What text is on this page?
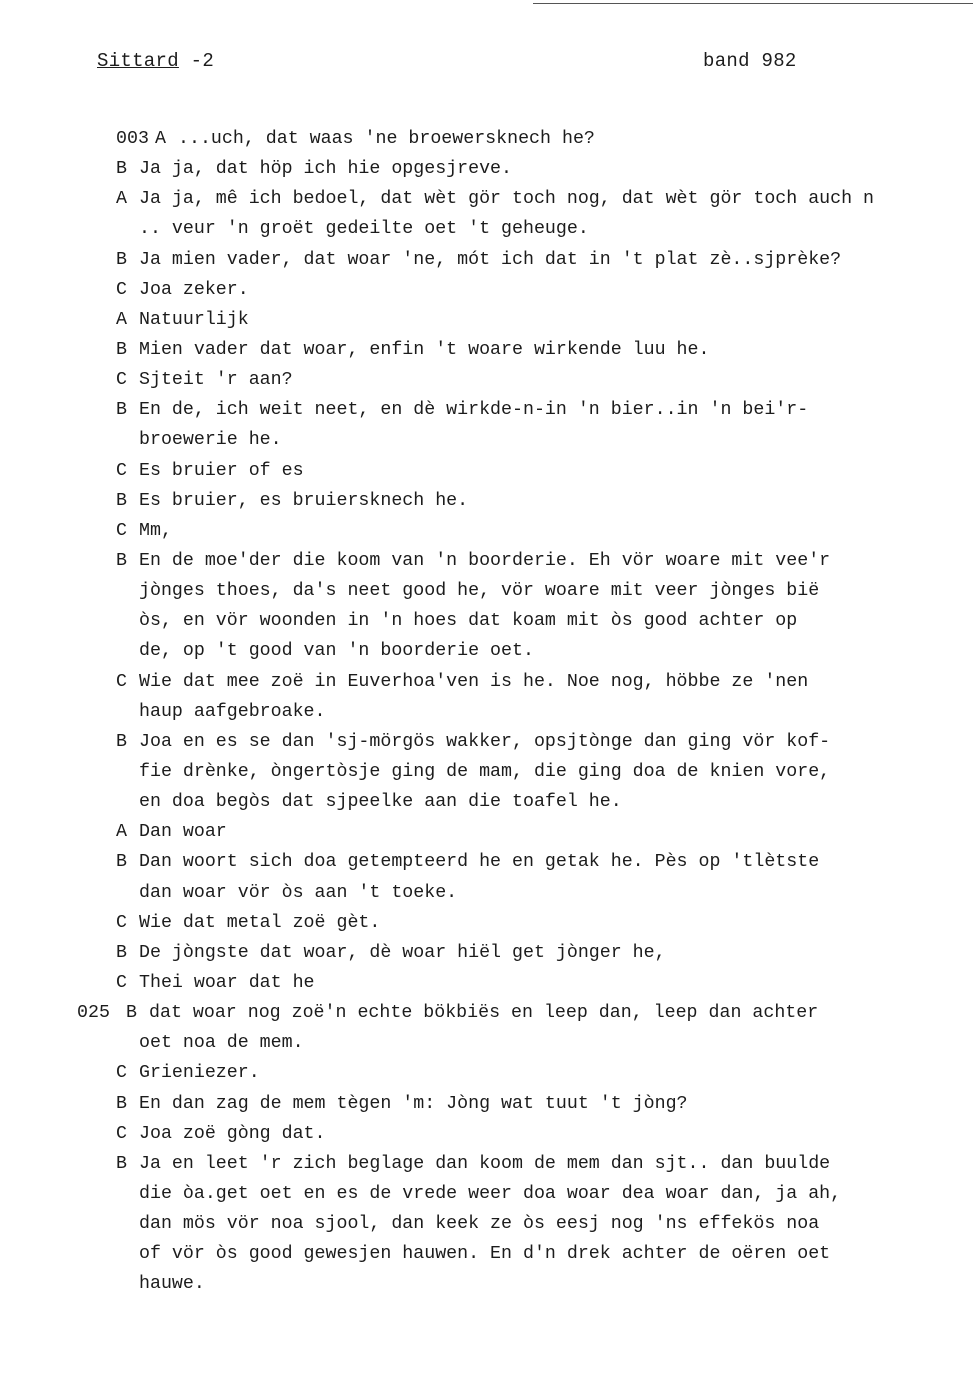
Sittard -2	band 982
003 A ...uch, dat waas 'ne broewersknech he?
B Ja ja, dat höp ich hie opgesjreve.
A Ja ja, mê ich bedoel, dat wèt gör toch nog, dat wèt gör toch auch n
.. veur 'n groët gedeilte oet 't geheuge.
B Ja mien vader, dat woar 'ne, mót ich dat in 't plat zè..sjprèke?
C Joa zeker.
A Natuurlijk
B Mien vader dat woar, enfin 't woare wirkende luu he.
C Sjteit 'r aan?
B En de, ich weit neet, en dè wirkde-n-in 'n bier..in 'n bei'r-
broewerie he.
C Es bruier of es
B Es bruier, es bruiersknech he.
C Mm,
B En de moe'der die koom van 'n boorderie. Eh vör woare mit vee'r
jònges thoes, da's neet good he, vör woare mit veer jònges bië
òs, en vör woonden in 'n hoes dat koam mit òs good achter op
de, op 't good van 'n boorderie oet.
C Wie dat mee zoë in Euverhoa'ven is he. Noe nog, höbbe ze 'nen
haup aafgebroake.
B Joa en es se dan 'sj-mörgös wakker, opsjtònge dan ging vör kof-
fie drènke, òngertòsje ging de mam, die ging doa de knien vore,
en doa begòs dat sjpeelke aan die toafel he.
A Dan woar
B Dan woort sich doa getempteerd he en getak he. Pès op 'tlètste
dan woar vör òs aan 't toeke.
C Wie dat metal zoë gèt.
B De jòngste dat woar, dè woar hiël get jònger he,
C Thei woar dat he
025 B dat woar nog zoë'n echte bökbiës en leep dan, leep dan achter
oet noa de mem.
C Grieniezer.
B En dan zag de mem tègen 'm: Jòng wat tuut 't jòng?
C Joa zoë gòng dat.
B Ja en leet 'r zich beglage dan koom de mem dan sjt.. dan buulde
die òa.get oet en es de vrede weer doa woar dea woar dan, ja ah,
dan mös vör noa sjool, dan keek ze òs eesj nog 'ns effekös noa
of vör òs good gewesjen hauwen. En d'n drek achter de oëren oet
hauwe.
